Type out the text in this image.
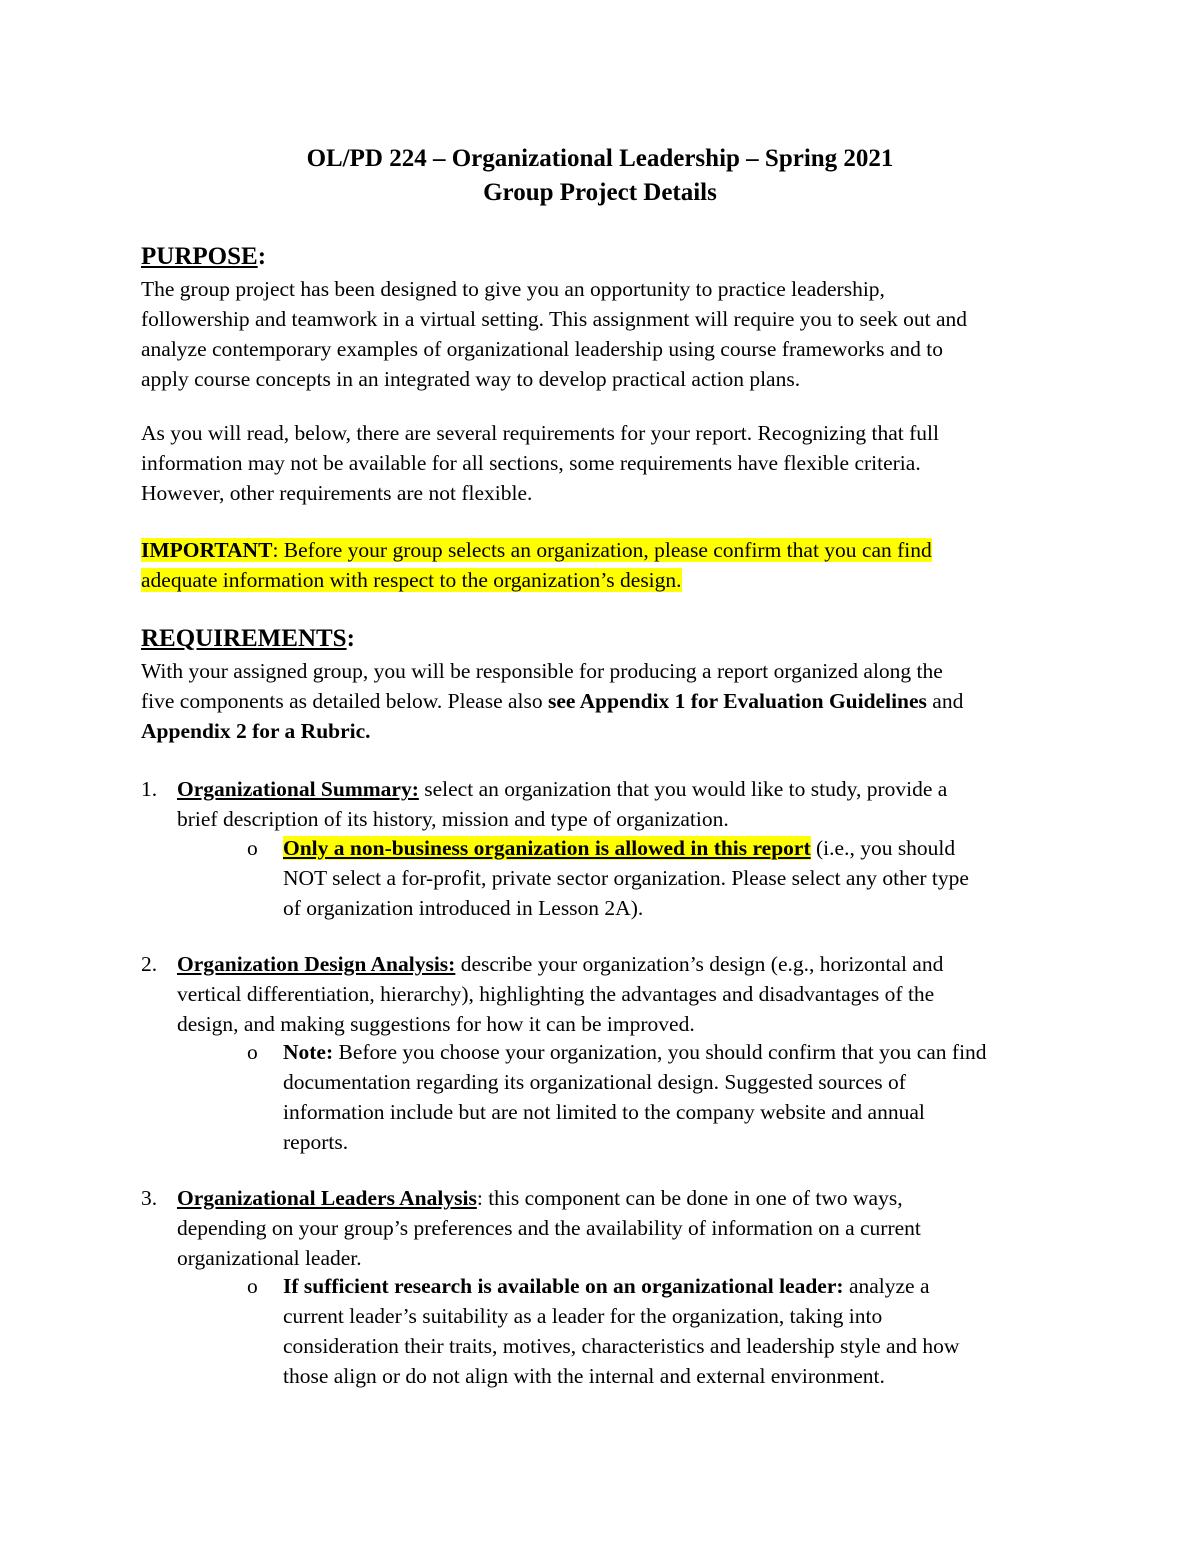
OL/PD 224 – Organizational Leadership – Spring 2021
Group Project Details
PURPOSE:
The group project has been designed to give you an opportunity to practice leadership,
followership and teamwork in a virtual setting. This assignment will require you to seek out and
analyze contemporary examples of organizational leadership using course frameworks and to
apply course concepts in an integrated way to develop practical action plans.
As you will read, below, there are several requirements for your report. Recognizing that full
information may not be available for all sections, some requirements have flexible criteria.
However, other requirements are not flexible.
IMPORTANT: Before your group selects an organization, please confirm that you can find
adequate information with respect to the organization’s design.
REQUIREMENTS:
With your assigned group, you will be responsible for producing a report organized along the
five components as detailed below. Please also see Appendix 1 for Evaluation Guidelines and
Appendix 2 for a Rubric.
1. Organizational Summary: select an organization that you would like to study, provide a
brief description of its history, mission and type of organization.
o Only a non-business organization is allowed in this report (i.e., you should
NOT select a for-profit, private sector organization. Please select any other type
of organization introduced in Lesson 2A).
2. Organization Design Analysis: describe your organization’s design (e.g., horizontal and
vertical differentiation, hierarchy), highlighting the advantages and disadvantages of the
design, and making suggestions for how it can be improved.
o Note: Before you choose your organization, you should confirm that you can find
documentation regarding its organizational design. Suggested sources of
information include but are not limited to the company website and annual
reports.
3. Organizational Leaders Analysis: this component can be done in one of two ways,
depending on your group’s preferences and the availability of information on a current
organizational leader.
o If sufficient research is available on an organizational leader: analyze a
current leader’s suitability as a leader for the organization, taking into
consideration their traits, motives, characteristics and leadership style and how
those align or do not align with the internal and external environment.
